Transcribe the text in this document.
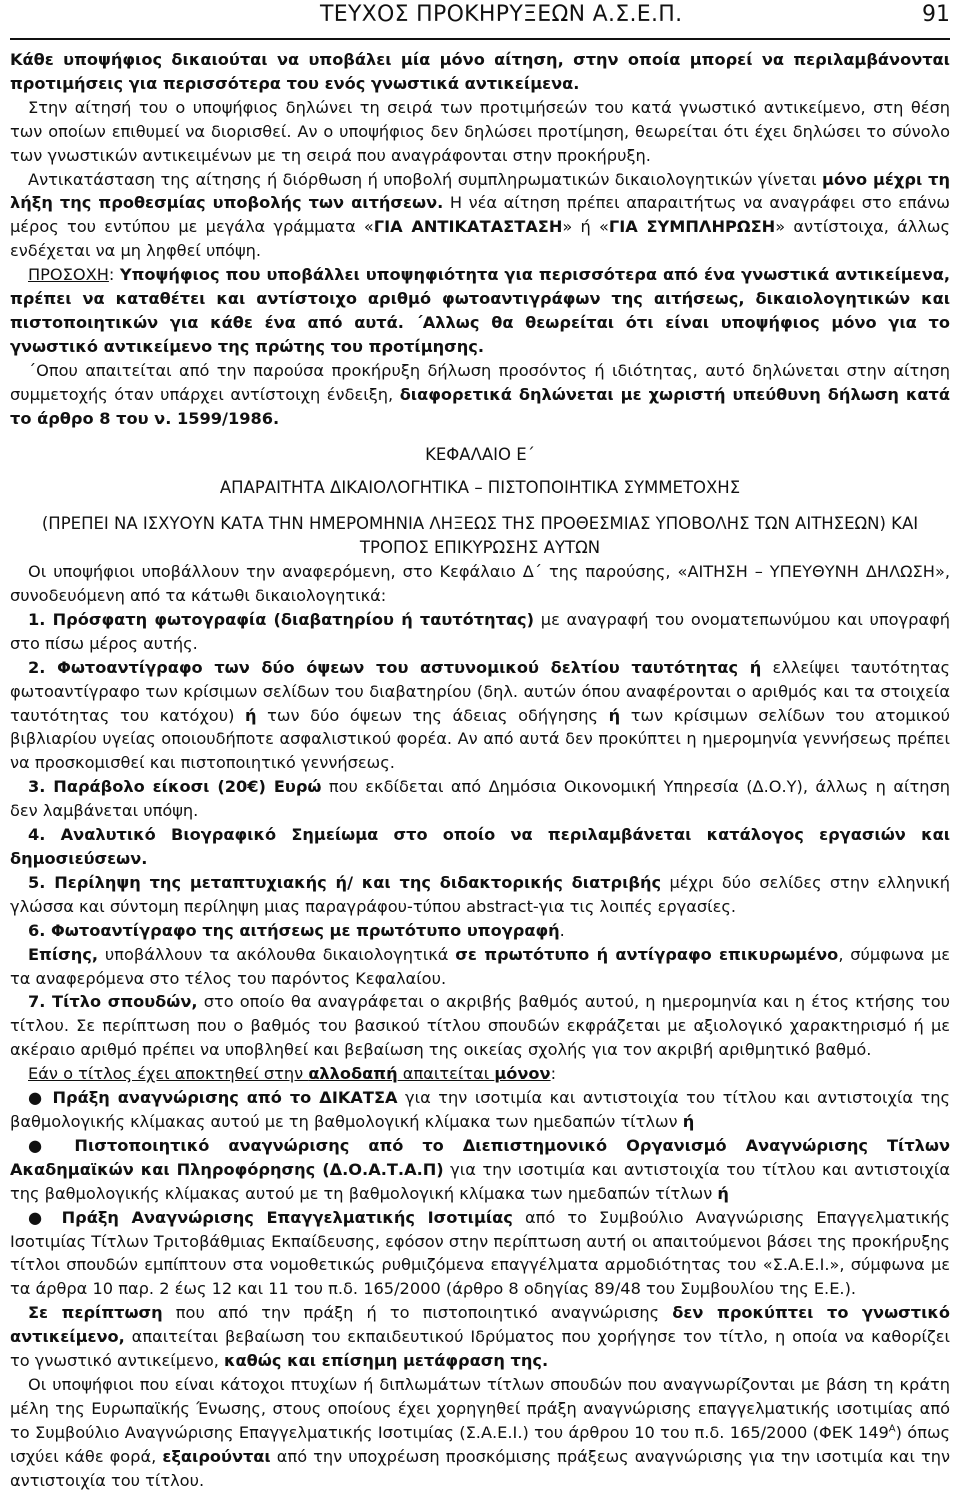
ΤΕΥΧΟΣ ΠΡΟΚΗΡΥΞΕΩΝ Α.Σ.Ε.Π.	91

Κάθε υποψήφιος δικαιούται να υποβάλει μία μόνο αίτηση, στην οποία μπορεί να περιλαμβάνονται προτιμήσεις για περισσότερα του ενός γνωστικά αντικείμενα.

Στην αίτησή του ο υποψήφιος δηλώνει τη σειρά των προτιμήσεών του κατά γνωστικό αντικείμενο, στη θέση των οποίων επιθυμεί να διορισθεί. Αν ο υποψήφιος δεν δηλώσει προτίμηση, θεωρείται ότι έχει δηλώσει το σύνολο των γνωστικών αντικειμένων με τη σειρά που αναγράφονται στην προκήρυξη.

Αντικατάσταση της αίτησης ή διόρθωση ή υποβολή συμπληρωματικών δικαιολογητικών γίνεται μόνο μέχρι τη λήξη της προθεσμίας υποβολής των αιτήσεων. Η νέα αίτηση πρέπει απαραιτήτως να αναγράφει στο επάνω μέρος του εντύπου με μεγάλα γράμματα «ΓΙΑ ΑΝΤΙΚΑΤΑΣΤΑΣΗ» ή «ΓΙΑ ΣΥΜΠΛΗΡΩΣΗ» αντίστοιχα, άλλως ενδέχεται να μη ληφθεί υπόψη.

ΠΡΟΣΟΧΗ: Υποψήφιος που υποβάλλει υποψηφιότητα για περισσότερα από ένα γνωστικά αντικείμενα, πρέπει να καταθέτει και αντίστοιχο αριθμό φωτοαντιγράφων της αιτήσεως, δικαιολογητικών και πιστοποιητικών για κάθε ένα από αυτά. ΄Αλλως θα θεωρείται ότι είναι υποψήφιος μόνο για το γνωστικό αντικείμενο της πρώτης του προτίμησης.

΄Οπου απαιτείται από την παρούσα προκήρυξη δήλωση προσόντος ή ιδιότητας, αυτό δηλώνεται στην αίτηση συμμετοχής όταν υπάρχει αντίστοιχη ένδειξη, διαφορετικά δηλώνεται με χωριστή υπεύθυνη δήλωση κατά το άρθρο 8 του ν. 1599/1986.

ΚΕΦΑΛΑΙΟ Ε΄

ΑΠΑΡΑΙΤΗΤΑ ΔΙΚΑΙΟΛΟΓΗΤΙΚΑ – ΠΙΣΤΟΠΟΙΗΤΙΚΑ ΣΥΜΜΕΤΟΧΗΣ

(ΠΡΕΠΕΙ ΝΑ ΙΣΧΥΟΥΝ ΚΑΤΑ ΤΗΝ ΗΜΕΡΟΜΗΝΙΑ ΛΗΞΕΩΣ ΤΗΣ ΠΡΟΘΕΣΜΙΑΣ ΥΠΟΒΟΛΗΣ ΤΩΝ ΑΙΤΗΣΕΩΝ) ΚΑΙ ΤΡΟΠΟΣ ΕΠΙΚΥΡΩΣΗΣ ΑΥΤΩΝ

Οι υποψήφιοι υποβάλλουν την αναφερόμενη, στο Κεφάλαιο Δ΄ της παρούσης, «ΑΙΤΗΣΗ – ΥΠΕΥΘΥΝΗ ΔΗΛΩΣΗ», συνοδευόμενη από τα κάτωθι δικαιολογητικά:

1. Πρόσφατη φωτογραφία (διαβατηρίου ή ταυτότητας) με αναγραφή του ονοματεπωνύμου και υπογραφή στο πίσω μέρος αυτής.

2. Φωτοαντίγραφο των δύο όψεων του αστυνομικού δελτίου ταυτότητας ή ελλείψει ταυτότητας φωτοαντίγραφο των κρίσιμων σελίδων του διαβατηρίου (δηλ. αυτών όπου αναφέρονται ο αριθμός και τα στοιχεία ταυτότητας του κατόχου) ή των δύο όψεων της άδειας οδήγησης ή των κρίσιμων σελίδων του ατομικού βιβλιαρίου υγείας οποιουδήποτε ασφαλιστικού φορέα. Αν από αυτά δεν προκύπτει η ημερομηνία γεννήσεως πρέπει να προσκομισθεί και πιστοποιητικό γεννήσεως.

3. Παράβολο είκοσι (20€) Ευρώ που εκδίδεται από Δημόσια Οικονομική Υπηρεσία (Δ.Ο.Υ), άλλως η αίτηση δεν λαμβάνεται υπόψη.

4. Αναλυτικό Βιογραφικό Σημείωμα στο οποίο να περιλαμβάνεται κατάλογος εργασιών και δημοσιεύσεων.

5. Περίληψη της μεταπτυχιακής ή/ και της διδακτορικής διατριβής μέχρι δύο σελίδες στην ελληνική γλώσσα και σύντομη περίληψη μιας παραγράφου-τύπου abstract-για τις λοιπές εργασίες.

6. Φωτοαντίγραφο της αιτήσεως με πρωτότυπο υπογραφή.

Επίσης, υποβάλλουν τα ακόλουθα δικαιολογητικά σε πρωτότυπο ή αντίγραφο επικυρωμένο, σύμφωνα με τα αναφερόμενα στο τέλος του παρόντος Κεφαλαίου.

7. Τίτλο σπουδών, στο οποίο θα αναγράφεται ο ακριβής βαθμός αυτού, η ημερομηνία και η έτος κτήσης του τίτλου. Σε περίπτωση που ο βαθμός του βασικού τίτλου σπουδών εκφράζεται με αξιολογικό χαρακτηρισμό ή με ακέραιο αριθμό πρέπει να υποβληθεί και βεβαίωση της οικείας σχολής για τον ακριβή αριθμητικό βαθμό.

Εάν ο τίτλος έχει αποκτηθεί στην αλλοδαπή απαιτείται μόνον:

● Πράξη αναγνώρισης από το ΔΙΚΑΤΣΑ για την ισοτιμία και αντιστοιχία του τίτλου και αντιστοιχία της βαθμολογικής κλίμακας αυτού με τη βαθμολογική κλίμακα των ημεδαπών τίτλων ή

● Πιστοποιητικό αναγνώρισης από το Διεπιστημονικό Οργανισμό Αναγνώρισης Τίτλων Ακαδημαϊκών και Πληροφόρησης (Δ.Ο.Α.Τ.Α.Π) για την ισοτιμία και αντιστοιχία του τίτλου και αντιστοιχία της βαθμολογικής κλίμακας αυτού με τη βαθμολογική κλίμακα των ημεδαπών τίτλων ή

● Πράξη Αναγνώρισης Επαγγελματικής Ισοτιμίας από το Συμβούλιο Αναγνώρισης Επαγγελματικής Ισοτιμίας Τίτλων Τριτοβάθμιας Εκπαίδευσης, εφόσον στην περίπτωση αυτή οι απαιτούμενοι βάσει της προκήρυξης τίτλοι σπουδών εμπίπτουν στα νομοθετικώς ρυθμιζόμενα επαγγέλματα αρμοδιότητας του «Σ.Α.Ε.Ι.», σύμφωνα με τα άρθρα 10 παρ. 2 έως 12 και 11 του π.δ. 165/2000 (άρθρο 8 οδηγίας 89/48 του Συμβουλίου της Ε.Ε.).

Σε περίπτωση που από την πράξη ή το πιστοποιητικό αναγνώρισης δεν προκύπτει το γνωστικό αντικείμενο, απαιτείται βεβαίωση του εκπαιδευτικού Ιδρύματος που χορήγησε τον τίτλο, η οποία να καθορίζει το γνωστικό αντικείμενο, καθώς και επίσημη μετάφραση της.

Οι υποψήφιοι που είναι κάτοχοι πτυχίων ή διπλωμάτων τίτλων σπουδών που αναγνωρίζονται με βάση τη κράτη μέλη της Ευρωπαϊκής Ένωσης, στους οποίους έχει χορηγηθεί πράξη αναγνώρισης επαγγελματικής ισοτιμίας από το Συμβούλιο Αναγνώρισης Επαγγελματικής Ισοτιμίας (Σ.Α.Ε.Ι.) του άρθρου 10 του π.δ. 165/2000 (ΦΕΚ $149^A$) όπως ισχύει κάθε φορά, εξαιρούνται από την υποχρέωση προσκόμισης πράξεως αναγνώρισης για την ισοτιμία και την αντιστοιχία του τίτλου.
